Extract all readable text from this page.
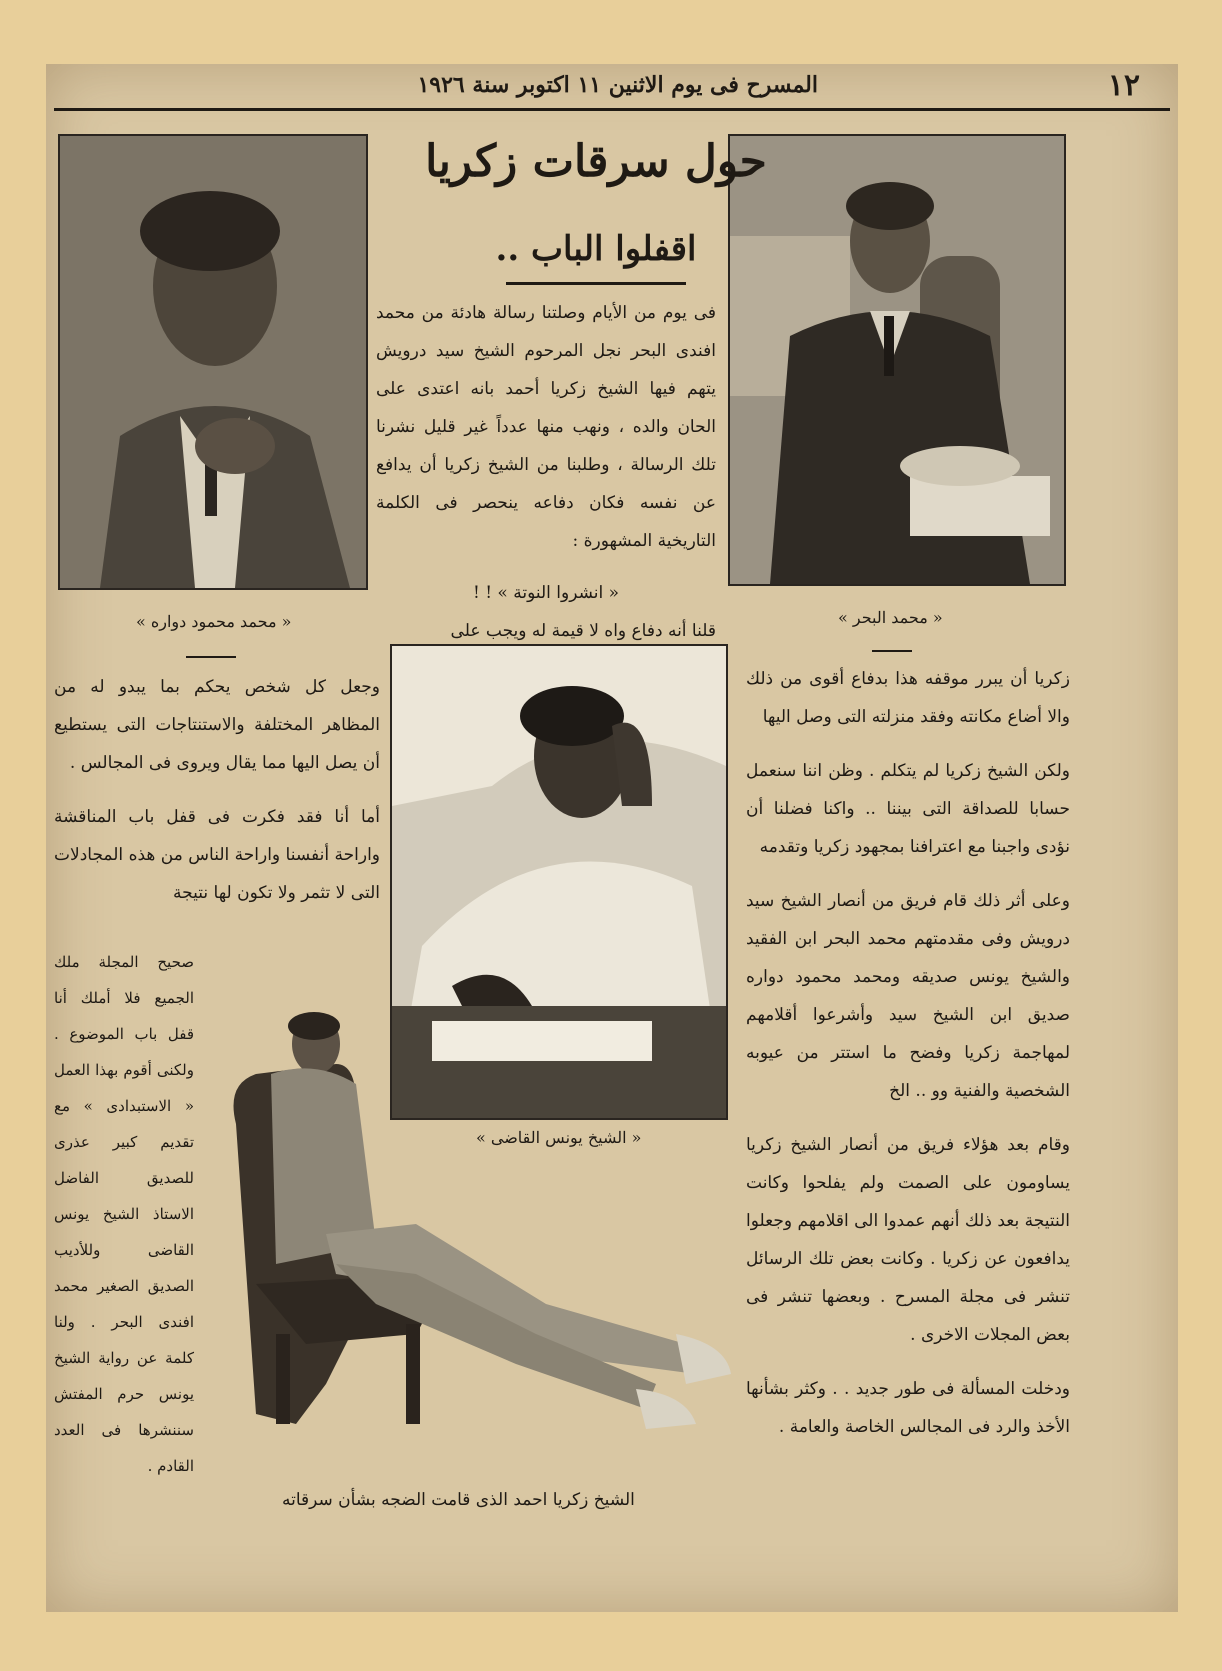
١٢
المسرح فى يوم الاثنين ١١ اكتوبر سنة ١٩٢٦
« محمد محمود دواره »	« محمد البحر »
حول سرقات زكريا
اقفلوا الباب ..

فى يوم من الأيام وصلتنا رسالة هادئة من محمد افندى البحر نجل المرحوم الشيخ سيد درويش يتهم فيها الشيخ زكريا أحمد بانه اعتدى على الحان والده ، ونهب منها عدداً غير قليل نشرنا تلك الرسالة ، وطلبنا من الشيخ زكريا أن يدافع عن نفسه فكان دفاعه ينحصر فى الكلمة التاريخية المشهورة :

« انشروا النوتة » ! !

قلنا أنه دفاع واه لا قيمة له ويجب على

« الشيخ يونس القاضى »

زكريا أن يبرر موقفه هذا بدفاع أقوى من ذلك والا أضاع مكانته وفقد منزلته التى وصل اليها

ولكن الشيخ زكريا لم يتكلم . وظن اننا سنعمل حسابا للصداقة التى بيننا .. واكنا فضلنا أن نؤدى واجبنا مع اعترافنا بمجهود زكريا وتقدمه

وعلى أثر ذلك قام فريق من أنصار الشيخ سيد درويش وفى مقدمتهم محمد البحر ابن الفقيد والشيخ يونس صديقه ومحمد محمود دواره صديق ابن الشيخ سيد وأشرعوا أقلامهم لمهاجمة زكريا وفضح ما استتر من عيوبه الشخصية والفنية وو .. الخ

وقام بعد هؤلاء فريق من أنصار الشيخ زكريا يساومون على الصمت ولم يفلحوا وكانت النتيجة بعد ذلك أنهم عمدوا الى اقلامهم وجعلوا يدافعون عن زكريا . وكانت بعض تلك الرسائل تنشر فى مجلة المسرح . وبعضها تنشر فى بعض المجلات الاخرى .

ودخلت المسألة فى طور جديد . . وكثر بشأنها الأخذ والرد فى المجالس الخاصة والعامة .

وجعل كل شخص يحكم بما يبدو له من المظاهر المختلفة والاستنتاجات التى يستطيع أن يصل اليها مما يقال ويروى فى المجالس .

أما أنا فقد فكرت فى قفل باب المناقشة واراحة أنفسنا واراحة الناس من هذه المجادلات التى لا تثمر ولا تكون لها نتيجة

صحيح المجلة ملك الجميع فلا أملك أنا قفل باب الموضوع . ولكنى أقوم بهذا العمل « الاستبدادى » مع تقديم كبير عذرى للصديق الفاضل الاستاذ الشيخ يونس القاضى وللأديب الصديق الصغير محمد افندى البحر . ولنا كلمة عن رواية الشيخ يونس حرم المفتش سننشرها فى العدد القادم .

الشيخ زكريا احمد الذى قامت الضجه بشأن سرقاته
